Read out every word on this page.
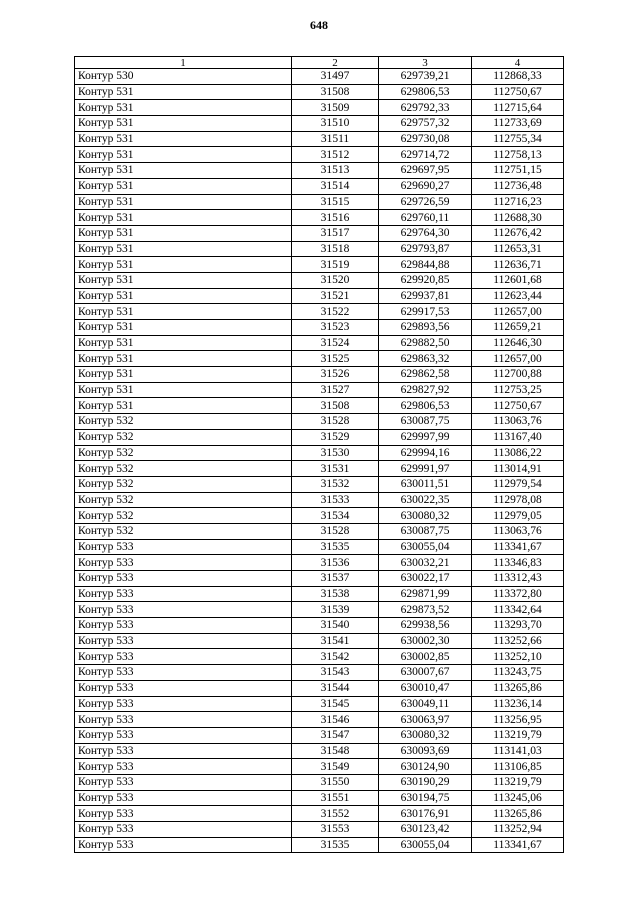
648
1	2	3	4
Контур 530	31497	629739,21	112868,33
Контур 531	31508	629806,53	112750,67
Контур 531	31509	629792,33	112715,64
Контур 531	31510	629757,32	112733,69
Контур 531	31511	629730,08	112755,34
Контур 531	31512	629714,72	112758,13
Контур 531	31513	629697,95	112751,15
Контур 531	31514	629690,27	112736,48
Контур 531	31515	629726,59	112716,23
Контур 531	31516	629760,11	112688,30
Контур 531	31517	629764,30	112676,42
Контур 531	31518	629793,87	112653,31
Контур 531	31519	629844,88	112636,71
Контур 531	31520	629920,85	112601,68
Контур 531	31521	629937,81	112623,44
Контур 531	31522	629917,53	112657,00
Контур 531	31523	629893,56	112659,21
Контур 531	31524	629882,50	112646,30
Контур 531	31525	629863,32	112657,00
Контур 531	31526	629862,58	112700,88
Контур 531	31527	629827,92	112753,25
Контур 531	31508	629806,53	112750,67
Контур 532	31528	630087,75	113063,76
Контур 532	31529	629997,99	113167,40
Контур 532	31530	629994,16	113086,22
Контур 532	31531	629991,97	113014,91
Контур 532	31532	630011,51	112979,54
Контур 532	31533	630022,35	112978,08
Контур 532	31534	630080,32	112979,05
Контур 532	31528	630087,75	113063,76
Контур 533	31535	630055,04	113341,67
Контур 533	31536	630032,21	113346,83
Контур 533	31537	630022,17	113312,43
Контур 533	31538	629871,99	113372,80
Контур 533	31539	629873,52	113342,64
Контур 533	31540	629938,56	113293,70
Контур 533	31541	630002,30	113252,66
Контур 533	31542	630002,85	113252,10
Контур 533	31543	630007,67	113243,75
Контур 533	31544	630010,47	113265,86
Контур 533	31545	630049,11	113236,14
Контур 533	31546	630063,97	113256,95
Контур 533	31547	630080,32	113219,79
Контур 533	31548	630093,69	113141,03
Контур 533	31549	630124,90	113106,85
Контур 533	31550	630190,29	113219,79
Контур 533	31551	630194,75	113245,06
Контур 533	31552	630176,91	113265,86
Контур 533	31553	630123,42	113252,94
Контур 533	31535	630055,04	113341,67
